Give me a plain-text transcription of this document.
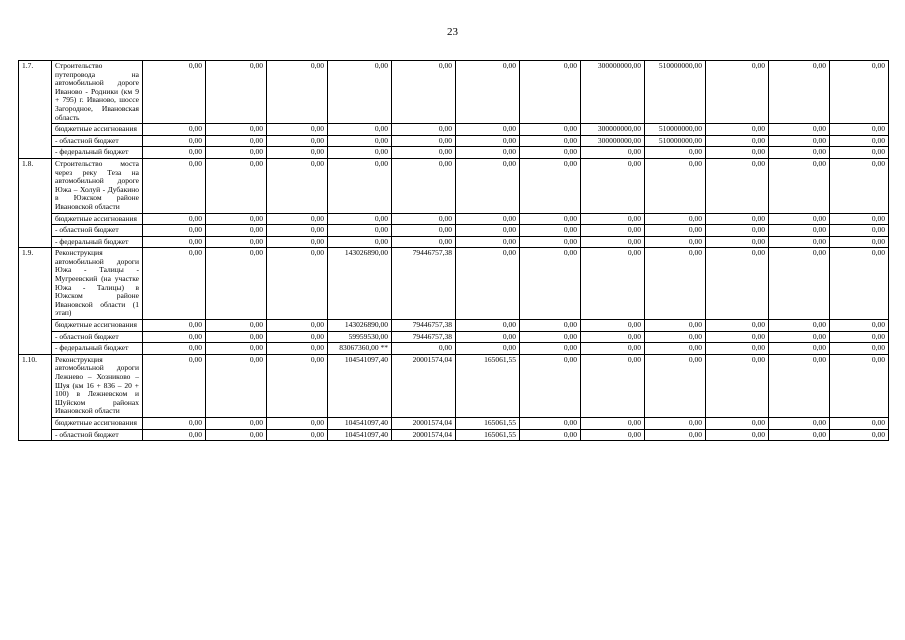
23
1.7.	Строительство путепровода на автомобильной дороге Иваново - Родники (км 9 + 795) г. Иваново, шоссе Загородное, Ивановская область	0,00	0,00	0,00	0,00	0,00	0,00	0,00	300000000,00	510000000,00	0,00	0,00	0,00
	бюджетные ассигнования	0,00	0,00	0,00	0,00	0,00	0,00	0,00	300000000,00	510000000,00	0,00	0,00	0,00
	- областной бюджет	0,00	0,00	0,00	0,00	0,00	0,00	0,00	300000000,00	510000000,00	0,00	0,00	0,00
	- федеральный бюджет	0,00	0,00	0,00	0,00	0,00	0,00	0,00	0,00	0,00	0,00	0,00	0,00
1.8.	Строительство моста через реку Теза на автомобильной дороге Южа – Холуй - Дубакино в Южском районе Ивановской области	0,00	0,00	0,00	0,00	0,00	0,00	0,00	0,00	0,00	0,00	0,00	0,00
	бюджетные ассигнования	0,00	0,00	0,00	0,00	0,00	0,00	0,00	0,00	0,00	0,00	0,00	0,00
	- областной бюджет	0,00	0,00	0,00	0,00	0,00	0,00	0,00	0,00	0,00	0,00	0,00	0,00
	- федеральный бюджет	0,00	0,00	0,00	0,00	0,00	0,00	0,00	0,00	0,00	0,00	0,00	0,00
1.9.	Реконструкция автомобильной дороги Южа - Талицы - Мугреевский (на участке Южа - Талицы) в Южском районе Ивановской области (1 этап)	0,00	0,00	0,00	143026890,00	79446757,38	0,00	0,00	0,00	0,00	0,00	0,00	0,00
	бюджетные ассигнования	0,00	0,00	0,00	143026890,00	79446757,38	0,00	0,00	0,00	0,00	0,00	0,00	0,00
	- областной бюджет	0,00	0,00	0,00	59959530,00	79446757,38	0,00	0,00	0,00	0,00	0,00	0,00	0,00
	- федеральный бюджет	0,00	0,00	0,00	83067360,00 **	0,00	0,00	0,00	0,00	0,00	0,00	0,00	0,00
1.10.	Реконструкция автомобильной дороги Лежнево – Хозниково – Шуя (км 16 + 836 – 20 + 100) в Лежневском и Шуйском районах Ивановской области	0,00	0,00	0,00	104541097,40	20001574,04	165061,55	0,00	0,00	0,00	0,00	0,00	0,00
	бюджетные ассигнования	0,00	0,00	0,00	104541097,40	20001574,04	165061,55	0,00	0,00	0,00	0,00	0,00	0,00
	- областной бюджет	0,00	0,00	0,00	104541097,40	20001574,04	165061,55	0,00	0,00	0,00	0,00	0,00	0,00
